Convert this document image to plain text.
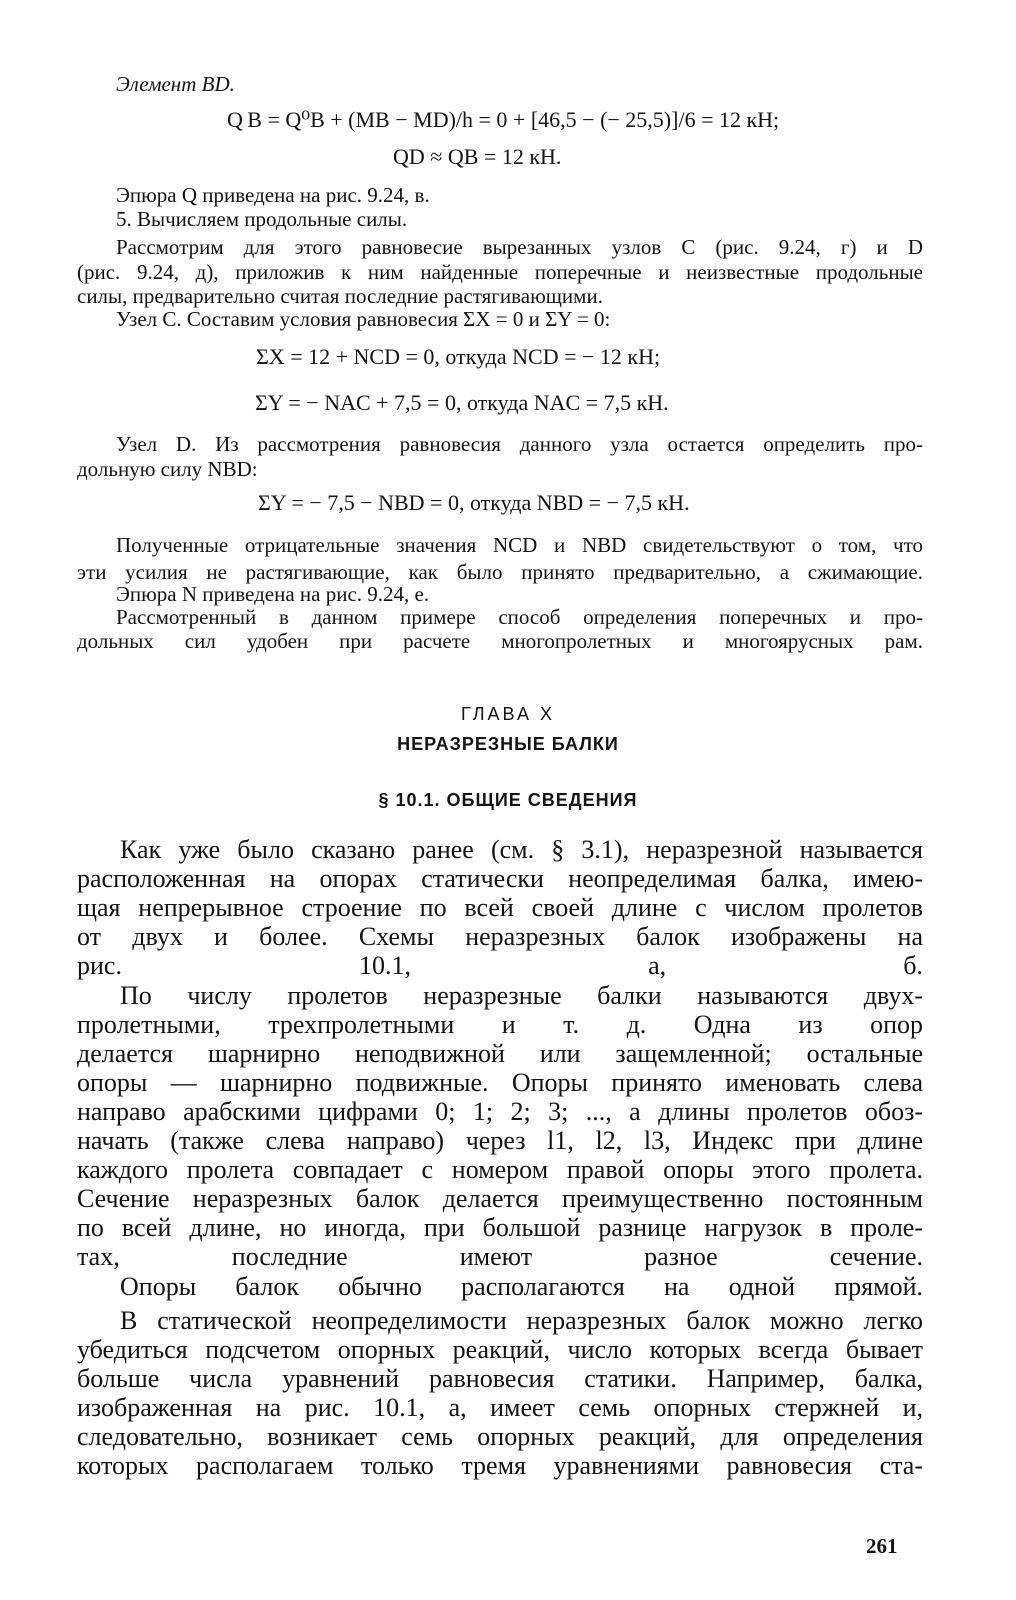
Элемент BD.
Q B = Q⁰B + (MB − MD)/h = 0 + [46,5 − (− 25,5)]/6 = 12 кН;
QD ≈ QB = 12 кН.
Эпюра Q приведена на рис. 9.24, в.
5. Вычисляем продольные силы.
Рассмотрим для этого равновесие вырезанных узлов C (рис. 9.24, г) и D
(рис. 9.24, д), приложив к ним найденные поперечные и неизвестные продольные
силы, предварительно считая последние растягивающими.
Узел C. Составим условия равновесия ΣX = 0 и ΣY = 0:
ΣX = 12 + NCD = 0, откуда NCD = − 12 кН;
ΣY = − NAC + 7,5 = 0, откуда NAC = 7,5 кН.
Узел D. Из рассмотрения равновесия данного узла остается определить про-
дольную силу NBD:
ΣY = − 7,5 − NBD = 0, откуда NBD = − 7,5 кН.
Полученные отрицательные значения NCD и NBD свидетельствуют о том, что
эти усилия не растягивающие, как было принято предварительно, а сжимающие.
Эпюра N приведена на рис. 9.24, е.
Рассмотренный в данном примере способ определения поперечных и про-
дольных сил удобен при расчете многопролетных и многоярусных рам.
ГЛАВА X
НЕРАЗРЕЗНЫЕ БАЛКИ
§ 10.1. ОБЩИЕ СВЕДЕНИЯ
Как уже было сказано ранее (см. § 3.1), неразрезной называется
расположенная на опорах статически неопределимая балка, имею-
щая непрерывное строение по всей своей длине с числом пролетов
от двух и более. Схемы неразрезных балок изображены на
рис. 10.1, а, б.
По числу пролетов неразрезные балки называются двух-
пролетными, трехпролетными и т. д. Одна из опор
делается шарнирно неподвижной или защемленной; остальные
опоры — шарнирно подвижные. Опоры принято именовать слева
направо арабскими цифрами 0; 1; 2; 3; ..., а длины пролетов обоз-
начать (также слева направо) через l1, l2, l3, Индекс при длине
каждого пролета совпадает с номером правой опоры этого пролета.
Сечение неразрезных балок делается преимущественно постоянным
по всей длине, но иногда, при большой разнице нагрузок в проле-
тах, последние имеют разное сечение.
Опоры балок обычно располагаются на одной прямой.
В статической неопределимости неразрезных балок можно легко
убедиться подсчетом опорных реакций, число которых всегда бывает
больше числа уравнений равновесия статики. Например, балка,
изображенная на рис. 10.1, а, имеет семь опорных стержней и,
следовательно, возникает семь опорных реакций, для определения
которых располагаем только тремя уравнениями равновесия ста-
261
